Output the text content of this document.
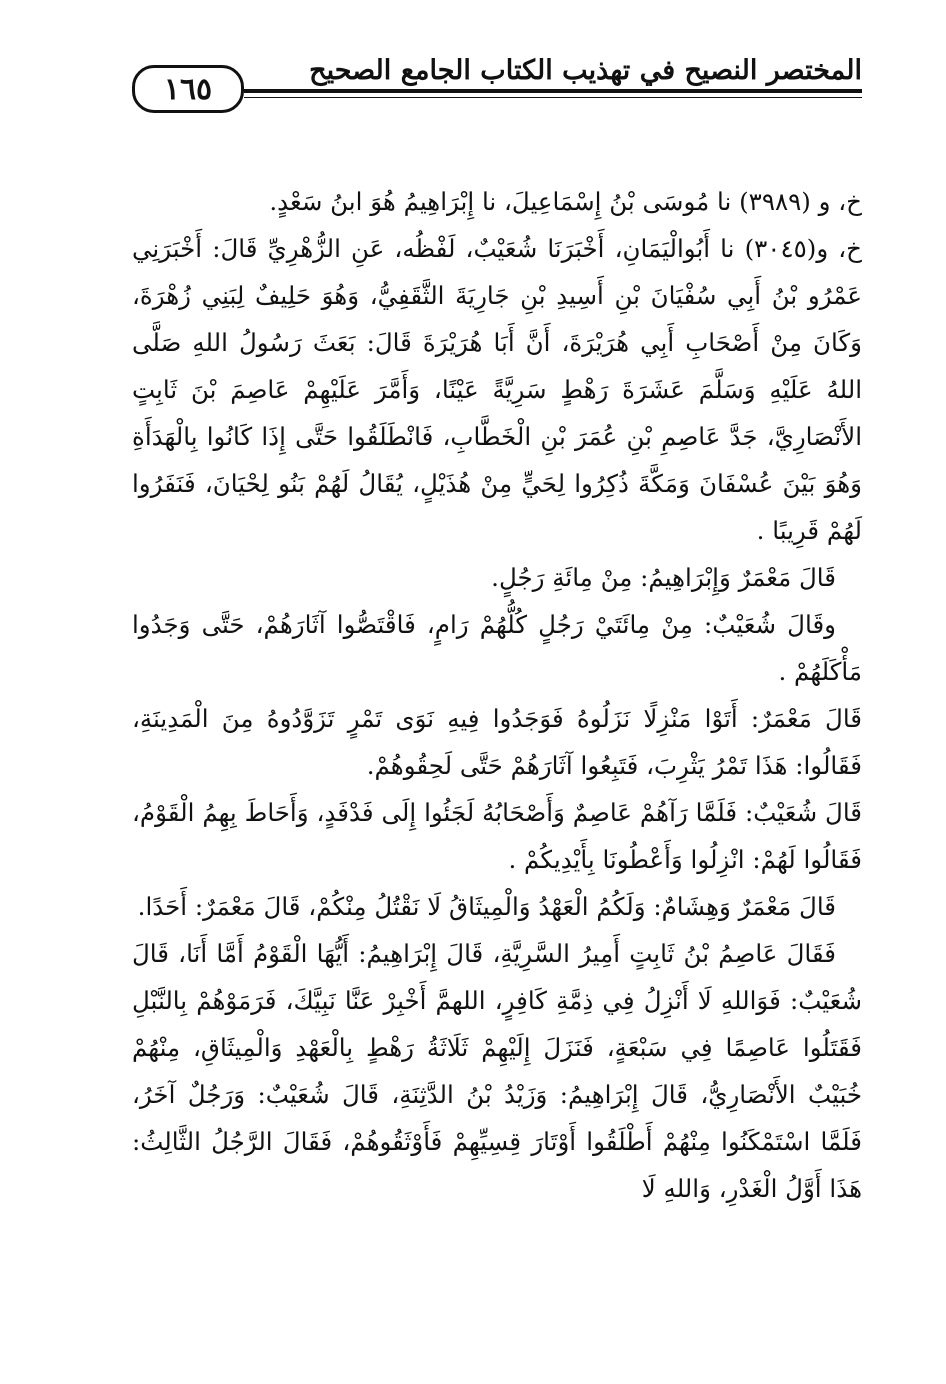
١٦٥
المختصر النصيح في تهذيب الكتاب الجامع الصحيح

خ، و (٣٩٨٩) نا مُوسَى بْنُ إِسْمَاعِيلَ، نا إِبْرَاهِيمُ هُوَ ابنُ سَعْدٍ.

خ، و(٣٠٤٥) نا أَبُوالْيَمَانِ، أَخْبَرَنَا شُعَيْبٌ، لَفْظُه، عَنِ الزُّهْرِيِّ قَالَ: أَخْبَرَنِي عَمْرُو بْنُ أَبِي سُفْيَانَ بْنِ أَسِيدِ بْنِ جَارِيَةَ الثَّقَفِيُّ، وَهُوَ حَلِيفٌ لِبَنِي زُهْرَةَ، وَكَانَ مِنْ أَصْحَابِ أَبِي هُرَيْرَةَ، أَنَّ أَبَا هُرَيْرَةَ قَالَ: بَعَثَ رَسُولُ اللهِ صَلَّى اللهُ عَلَيْهِ وَسَلَّمَ عَشَرَةَ رَهْطٍ سَرِيَّةً عَيْنًا، وَأَمَّرَ عَلَيْهِمْ عَاصِمَ بْنَ ثَابِتٍ الأَنْصَارِيَّ، جَدَّ عَاصِمِ بْنِ عُمَرَ بْنِ الْخَطَّابِ، فَانْطَلَقُوا حَتَّى إِذَا كَانُوا بِالْهَدَأَةِ وَهُوَ بَيْنَ عُسْفَانَ وَمَكَّةَ ذُكِرُوا لِحَيٍّ مِنْ هُذَيْلٍ، يُقَالُ لَهُمْ بَنُو لِحْيَانَ، فَنَفَرُوا لَهُمْ قَرِيبًا .

قَالَ مَعْمَرٌ وَإِبْرَاهِيمُ: مِنْ مِائَةِ رَجُلٍ.

وقَالَ شُعَيْبٌ: مِنْ مِائَتَيْ رَجُلٍ كُلُّهُمْ رَامٍ، فَاقْتَصُّوا آثَارَهُمْ، حَتَّى وَجَدُوا مَأْكَلَهُمْ .

قَالَ مَعْمَرٌ: أَتَوْا مَنْزِلًا نَزَلُوهُ فَوَجَدُوا فِيهِ نَوَى تَمْرٍ تَزَوَّدُوهُ مِنَ الْمَدِينَةِ، فَقَالُوا: هَذَا تَمْرُ يَثْرِبَ، فَتَبِعُوا آثَارَهُمْ حَتَّى لَحِقُوهُمْ.

قَالَ شُعَيْبٌ: فَلَمَّا رَآهُمْ عَاصِمٌ وَأَصْحَابُهُ لَجَئُوا إِلَى فَدْفَدٍ، وَأَحَاطَ بِهِمُ الْقَوْمُ، فَقَالُوا لَهُمْ: انْزِلُوا وَأَعْطُونَا بِأَيْدِيكُمْ .

قَالَ مَعْمَرٌ وَهِشَامٌ: وَلَكُمُ الْعَهْدُ وَالْمِيثَاقُ لَا نَقْتُلُ مِنْكُمْ، قَالَ مَعْمَرٌ: أَحَدًا.

فَقَالَ عَاصِمُ بْنُ ثَابِتٍ أَمِيرُ السَّرِيَّةِ، قَالَ إِبْرَاهِيمُ: أَيُّهَا الْقَوْمُ أَمَّا أَنَا، قَالَ شُعَيْبٌ: فَوَاللهِ لَا أَنْزِلُ فِي ذِمَّةِ كَافِرٍ، اللهمَّ أَخْبِرْ عَنَّا نَبِيَّكَ، فَرَمَوْهُمْ بِالنَّبْلِ فَقَتَلُوا عَاصِمًا فِي سَبْعَةٍ، فَنَزَلَ إِلَيْهِمْ ثَلَاثَةُ رَهْطٍ بِالْعَهْدِ وَالْمِيثَاقِ، مِنْهُمْ خُبَيْبٌ الأَنْصَارِيُّ، قَالَ إِبْرَاهِيمُ: وَزَيْدُ بْنُ الدَّثِنَةِ، قَالَ شُعَيْبٌ: وَرَجُلٌ آخَرُ، فَلَمَّا اسْتَمْكَنُوا مِنْهُمْ أَطْلَقُوا أَوْتَارَ قِسِيِّهِمْ فَأَوْثَقُوهُمْ، فَقَالَ الرَّجُلُ الثَّالِثُ: هَذَا أَوَّلُ الْغَدْرِ، وَاللهِ لَا
